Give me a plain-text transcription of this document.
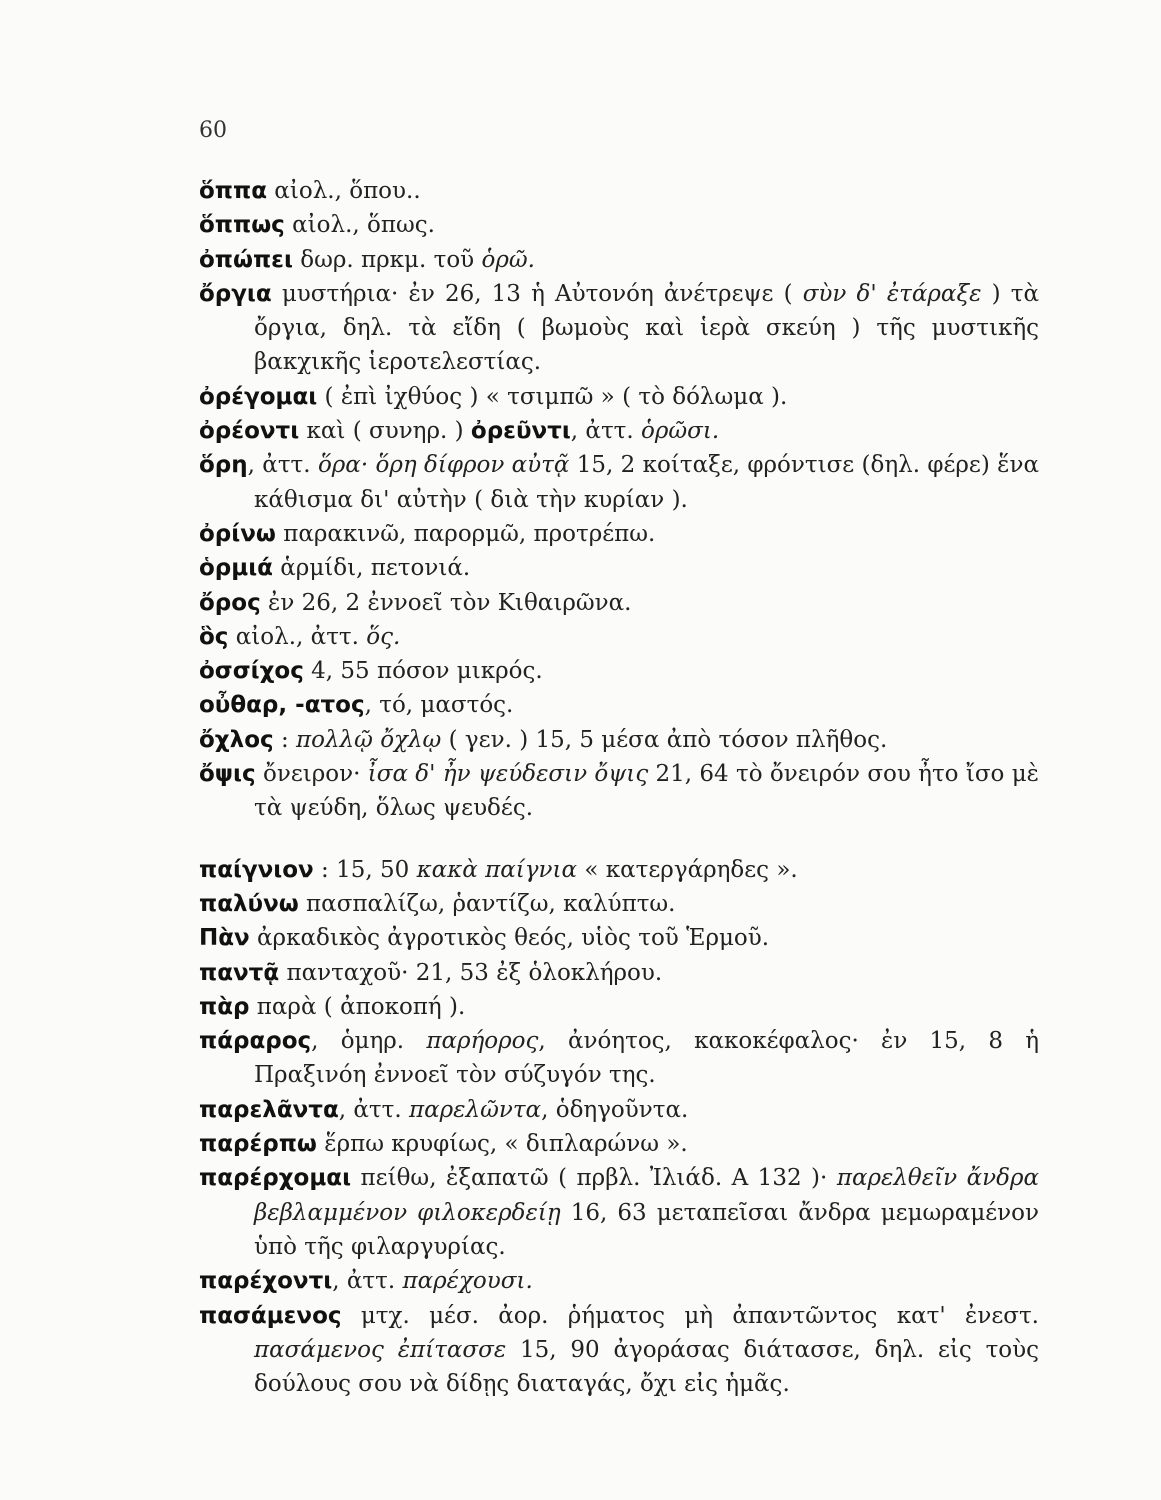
60
ὅππα αἰολ., ὅπου..
ὅππως αἰολ., ὅπως.
ὀπώπει δωρ. πρκμ. τοῦ ὁρῶ.
ὄργια μυστήρια· ἐν 26, 13 ἡ Αὐτονόη ἀνέτρεψε ( σὺν δ' ἐτάραξε ) τὰ ὄργια, δηλ. τὰ εἴδη ( βωμοὺς καὶ ἱερὰ σκεύη ) τῆς μυστικῆς βακχικῆς ἱεροτελεστίας.
ὀρέγομαι ( ἐπὶ ἰχθύος ) « τσιμπῶ » ( τὸ δόλωμα ).
ὀρέοντι καὶ ( συνηρ. ) ὀρεῦντι, ἀττ. ὁρῶσι.
ὅρη, ἀττ. ὅρα· ὅρη δίφρον αὐτᾷ 15, 2 κοίταξε, φρόντισε (δηλ. φέρε) ἕνα κάθισμα δι' αὐτὴν ( διὰ τὴν κυρίαν ).
ὀρίνω παρακινῶ, παρορμῶ, προτρέπω.
ὁρμιά ἁρμίδι, πετονιά.
ὄρος ἐν 26, 2 ἐννοεῖ τὸν Κιθαιρῶνα.
ὃς αἰολ., ἀττ. ὅς.
ὀσσίχος 4, 55 πόσον μικρός.
οὖθαρ, -ατος, τό, μαστός.
ὄχλος : πολλῷ ὄχλῳ ( γεν. ) 15, 5 μέσα ἀπὸ τόσον πλῆθος.
ὄψις ὄνειρον· ἶσα δ' ἦν ψεύδεσιν ὄψις 21, 64 τὸ ὄνειρόν σου ἦτο ἴσο μὲ τὰ ψεύδη, ὅλως ψευδές.
παίγνιον : 15, 50 κακὰ παίγνια « κατεργάρηδες ».
παλύνω πασπαλίζω, ῥαντίζω, καλύπτω.
Πὰν ἀρκαδικὸς ἀγροτικὸς θεός, υἱὸς τοῦ Ἑρμοῦ.
παντᾷ πανταχοῦ· 21, 53 ἐξ ὁλοκλήρου.
πὰρ παρὰ ( ἀποκοπή ).
πάραρος, ὁμηρ. παρήορος, ἀνόητος, κακοκέφαλος· ἐν 15, 8 ἡ Πραξινόη ἐννοεῖ τὸν σύζυγόν της.
παρελᾶντα, ἀττ. παρελῶντα, ὁδηγοῦντα.
παρέρπω ἕρπω κρυφίως, « διπλαρώνω ».
παρέρχομαι πείθω, ἐξαπατῶ ( πρβλ. Ἰλιάδ. Α 132 )· παρελθεῖν ἄνδρα βεβλαμμένον φιλοκερδείῃ 16, 63 μεταπεῖσαι ἄνδρα μεμωραμένον ὑπὸ τῆς φιλαργυρίας.
παρέχοντι, ἀττ. παρέχουσι.
πασάμενος μτχ. μέσ. ἀορ. ῥήματος μὴ ἀπαντῶντος κατ' ἐνεστ. πασάμενος ἐπίτασσε 15, 90 ἀγοράσας διάτασσε, δηλ. εἰς τοὺς δούλους σου νὰ δίδῃς διαταγάς, ὄχι εἰς ἡμᾶς.
